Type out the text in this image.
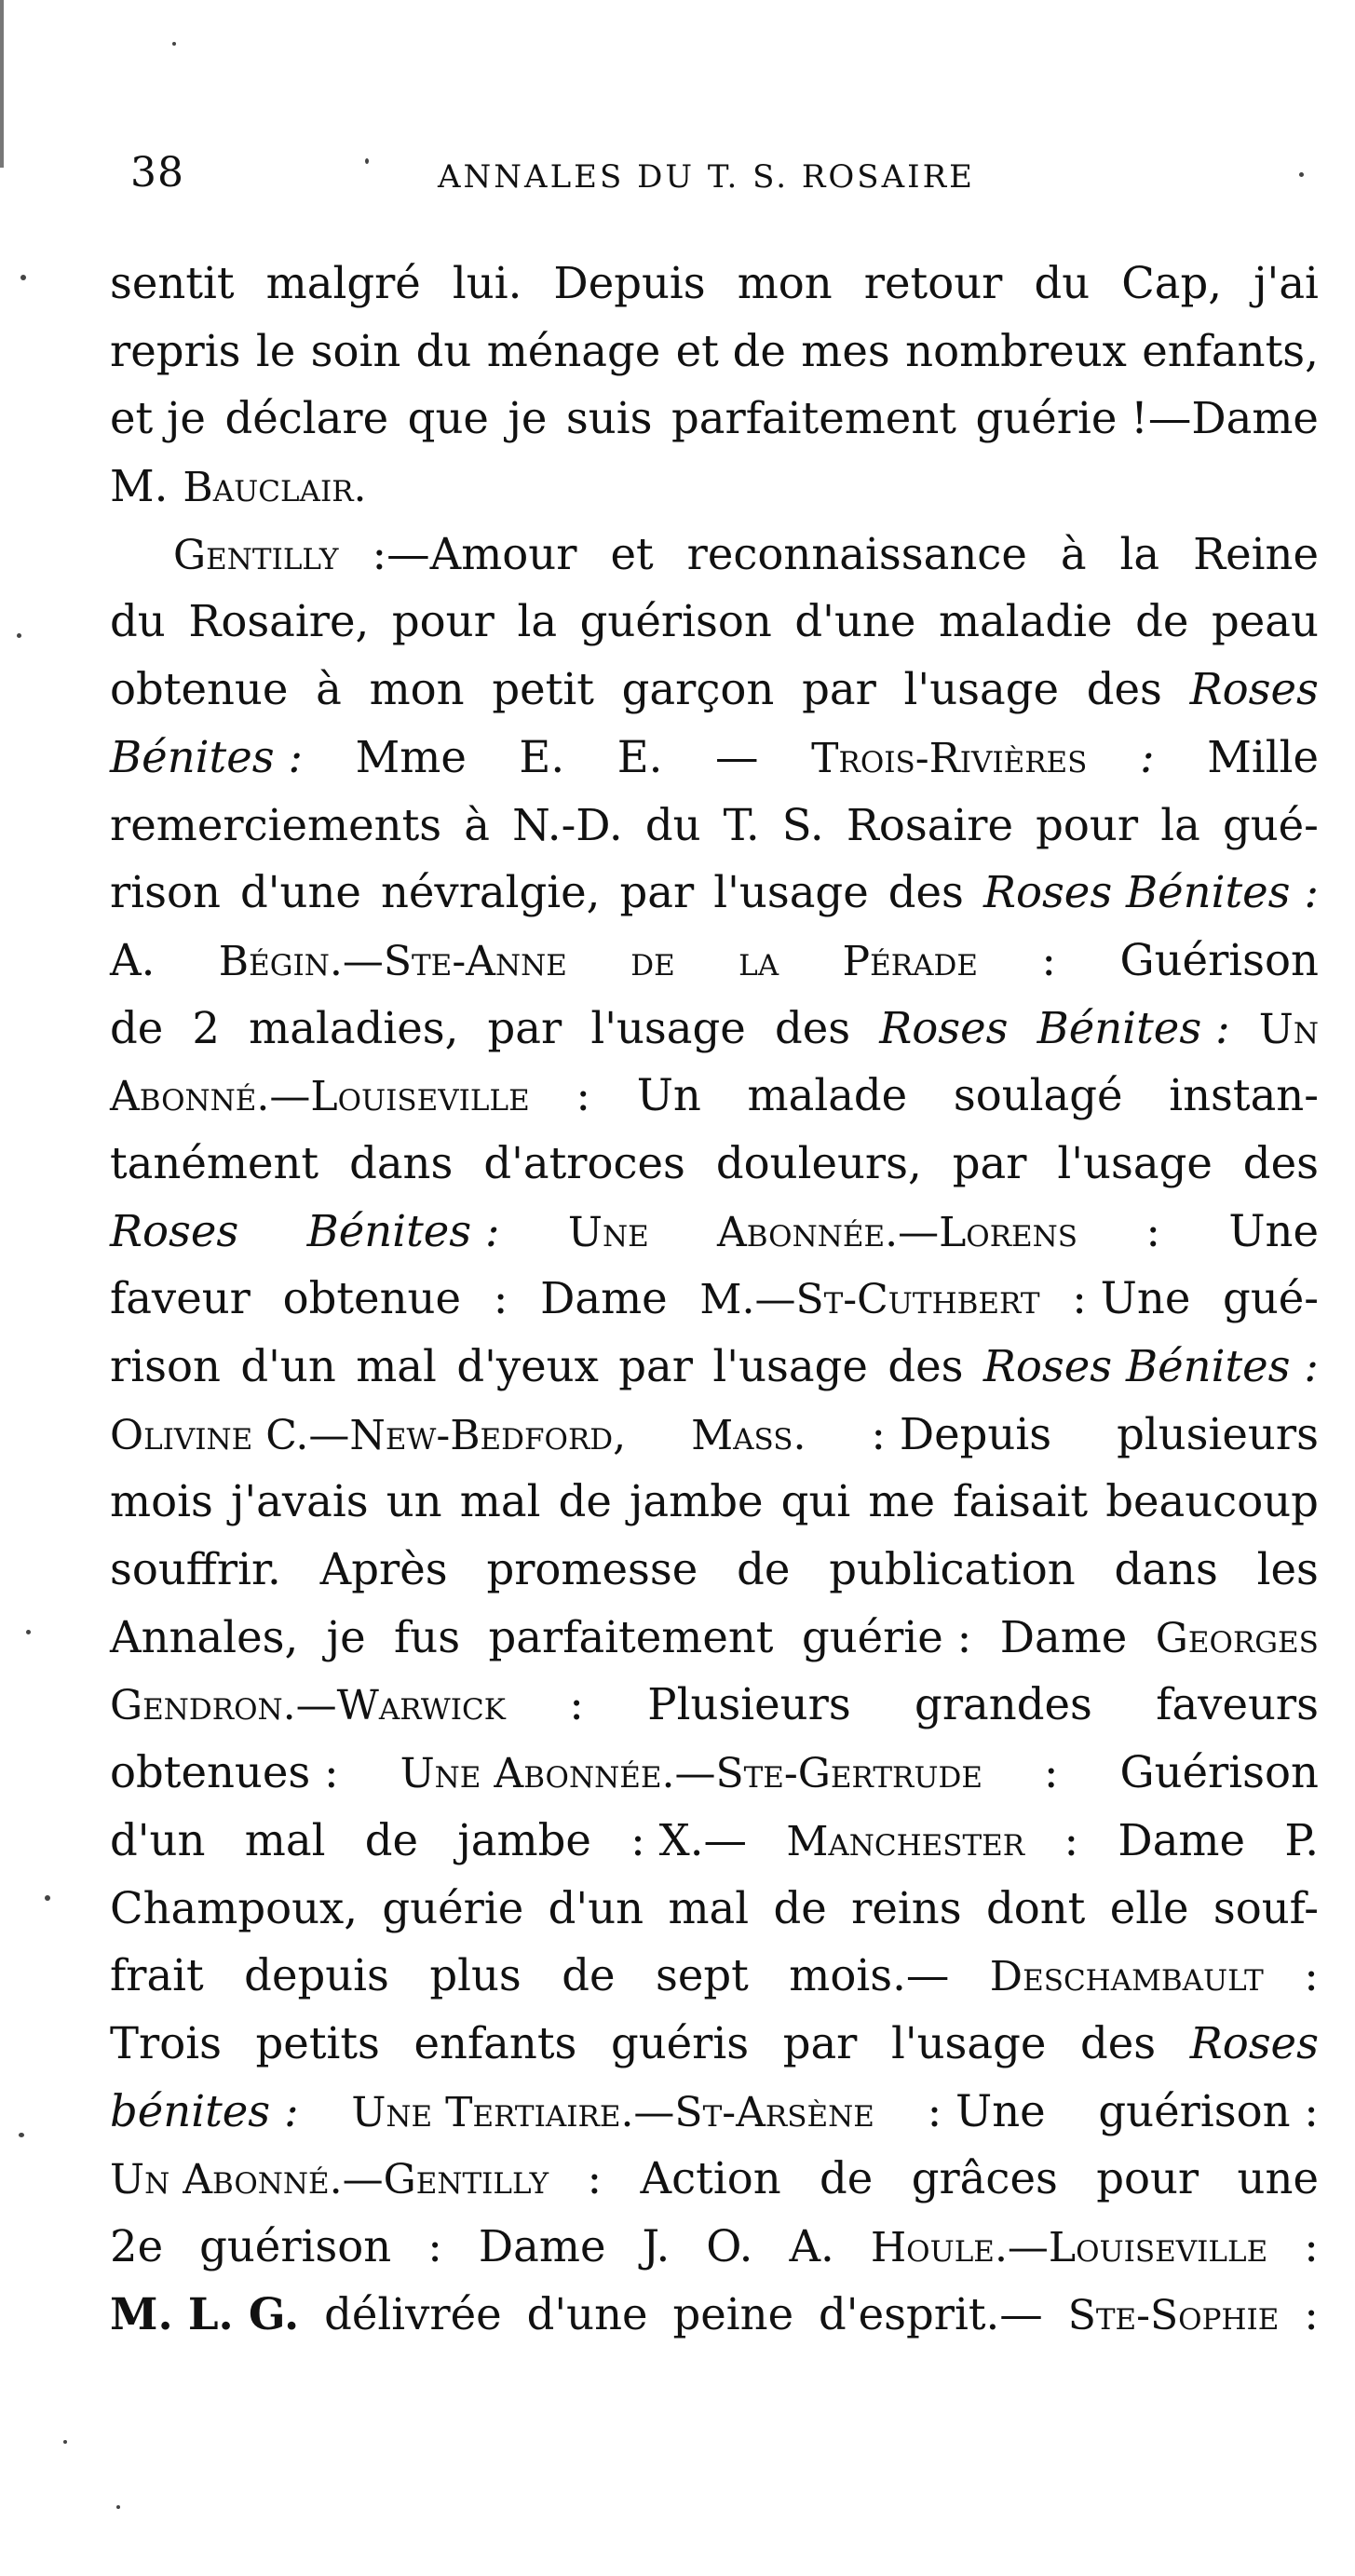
38	ANNALES DU T. S. ROSAIRE
sentit malgré lui. Depuis mon retour du Cap, j'ai
repris le soin du ménage et de mes nombreux enfants,
et je déclare que je suis parfaitement guérie !—Dame
M. Bauclair.
Gentilly :—Amour et reconnaissance à la Reine
du Rosaire, pour la guérison d'une maladie de peau
obtenue à mon petit garçon par l'usage des Roses
Bénites : Mme E. E. — Trois-Rivières : Mille
remerciements à N.-D. du T. S. Rosaire pour la gué-
rison d'une névralgie, par l'usage des Roses Bénites :
A. Bégin.—Ste-Anne de la Pérade : Guérison
de 2 maladies, par l'usage des Roses Bénites : Un
Abonné.—Louiseville : Un malade soulagé instan-
tanément dans d'atroces douleurs, par l'usage des
Roses Bénites : Une Abonnée.—Lorens : Une
faveur obtenue : Dame M.—St-Cuthbert : Une gué-
rison d'un mal d'yeux par l'usage des Roses Bénites :
Olivine C.—New-Bedford, Mass. : Depuis plusieurs
mois j'avais un mal de jambe qui me faisait beaucoup
souffrir. Après promesse de publication dans les
Annales, je fus parfaitement guérie : Dame Georges
Gendron.—Warwick : Plusieurs grandes faveurs
obtenues : Une Abonnée.—Ste-Gertrude : Guérison
d'un mal de jambe : X.— Manchester : Dame P.
Champoux, guérie d'un mal de reins dont elle souf-
frait depuis plus de sept mois.— Deschambault :
Trois petits enfants guéris par l'usage des Roses
bénites : Une Tertiaire.—St-Arsène : Une guérison :
Un Abonné.—Gentilly : Action de grâces pour une
2e guérison : Dame J. O. A. Houle.—Louiseville :
M. L. G. délivrée d'une peine d'esprit.— Ste-Sophie :
